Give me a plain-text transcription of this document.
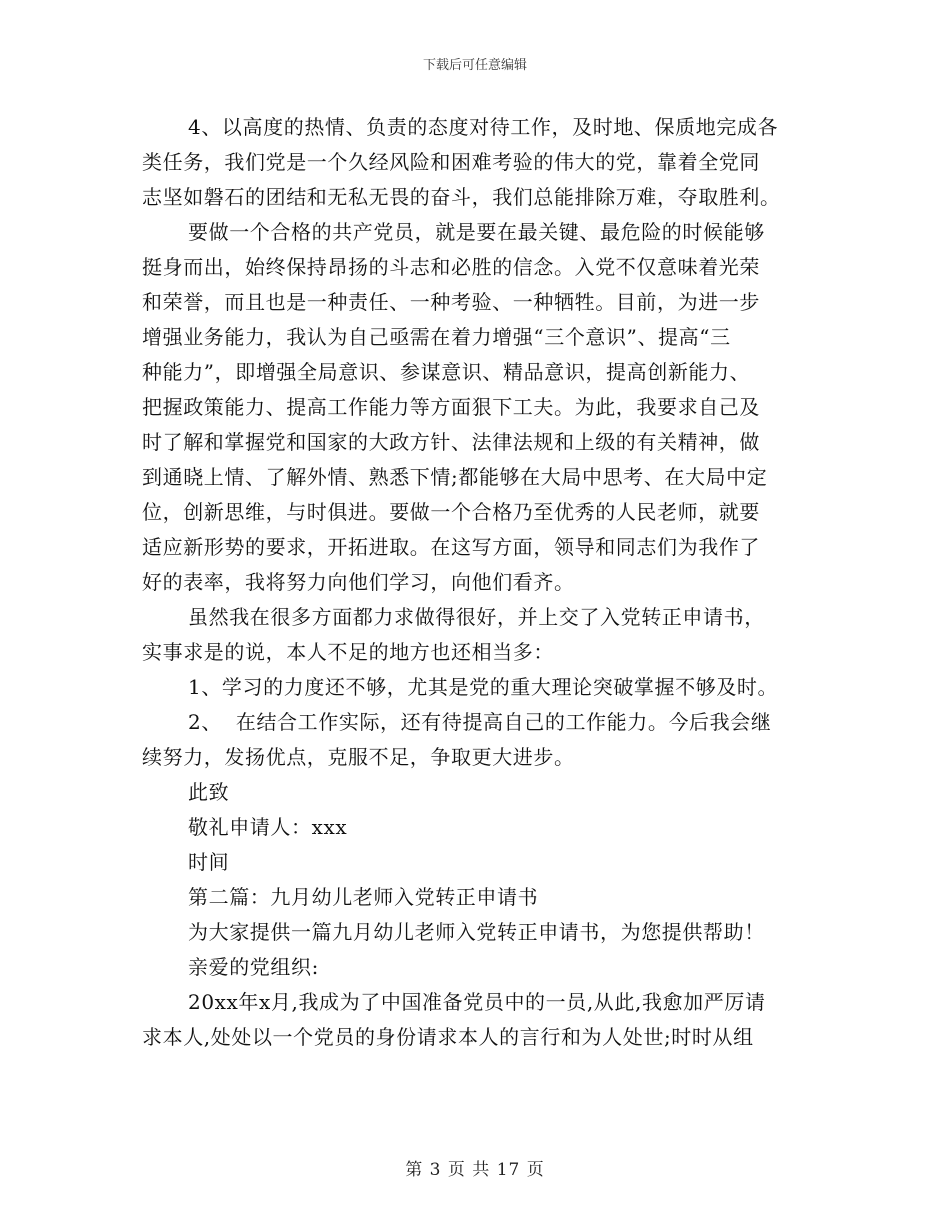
下载后可任意编辑
4、以高度的热情、负责的态度对待工作，及时地、保质地完成各
类任务，我们党是一个久经风险和困难考验的伟大的党，靠着全党同
志坚如磐石的团结和无私无畏的奋斗，我们总能排除万难，夺取胜利。
要做一个合格的共产党员，就是要在最关键、最危险的时候能够
挺身而出，始终保持昂扬的斗志和必胜的信念。入党不仅意味着光荣
和荣誉，而且也是一种责任、一种考验、一种牺牲。目前，为进一步
增强业务能力，我认为自己亟需在着力增强“三个意识”、提高“三
种能力”，即增强全局意识、参谋意识、精品意识，提高创新能力、
把握政策能力、提高工作能力等方面狠下工夫。为此，我要求自己及
时了解和掌握党和国家的大政方针、法律法规和上级的有关精神，做
到通晓上情、了解外情、熟悉下情;都能够在大局中思考、在大局中定
位，创新思维，与时俱进。要做一个合格乃至优秀的人民老师，就要
适应新形势的要求，开拓进取。在这写方面，领导和同志们为我作了
好的表率，我将努力向他们学习，向他们看齐。
虽然我在很多方面都力求做得很好，并上交了入党转正申请书，
实事求是的说，本人不足的地方也还相当多：
1、学习的力度还不够，尤其是党的重大理论突破掌握不够及时。
2、  在结合工作实际，还有待提高自己的工作能力。今后我会继
续努力，发扬优点，克服不足，争取更大进步。
此致
敬礼申请人：xxx
时间
第二篇：九月幼儿老师入党转正申请书
为大家提供一篇九月幼儿老师入党转正申请书，为您提供帮助！
亲爱的党组织:
20xx年x月,我成为了中国准备党员中的一员,从此,我愈加严厉请
求本人,处处以一个党员的身份请求本人的言行和为人处世;时时从组
第 3 页 共 17 页
